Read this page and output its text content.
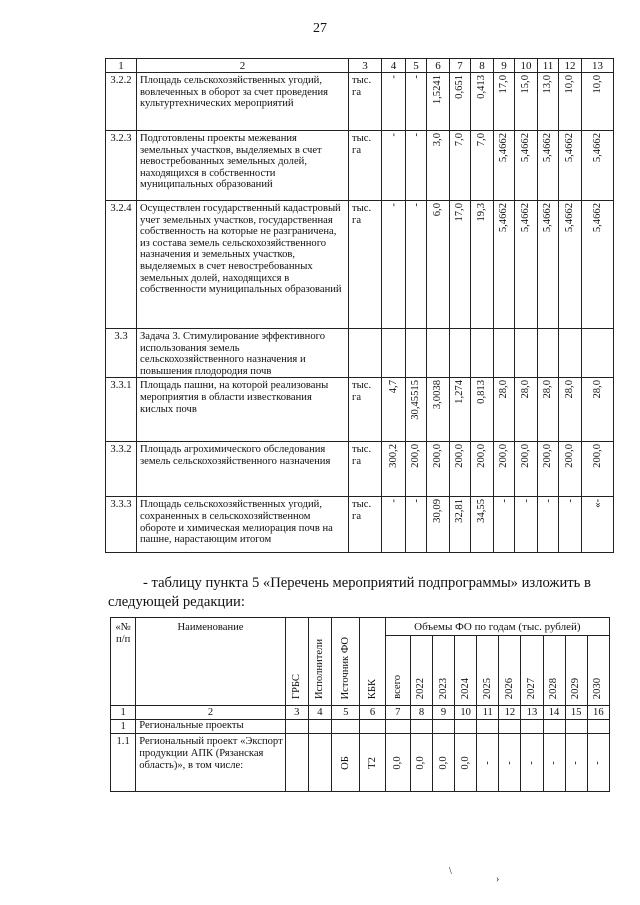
27
1	2	3	4	5	6	7	8	9	10	11	12	13
3.2.2	Площадь сельскохозяйственных угодий, вовлеченных в оборот за счет проведения культуртехнических мероприятий	тыс. га	-	-	1,5241	0,651	0,413	17,0	15,0	13,0	10,0	10,0

3.2.3	Подготовлены проекты межевания земельных участков, выделяемых в счет невостребованных земельных долей, находящихся в собственности муниципальных образований	тыс. га	-	-	3,0	7,0	7,0	5,4662	5,4662	5,4662	5,4662	5,4662

3.2.4	Осуществлен государственный кадастровый учет земельных участков, государственная собственность на которые не разграничена, из состава земель сельскохозяйственного назначения и земельных участков, выделяемых в счет невостребованных земельных долей, находящихся в собственности муниципальных образований	тыс. га	-	-	6,0	17,0	19,3	5,4662	5,4662	5,4662	5,4662	5,4662

3.3	Задача 3. Стимулирование эффективного использования земель сельскохозяйственного назначения и повышения плодородия почв		

3.3.1	Площадь пашни, на которой реализованы мероприятия в области известкования кислых почв	тыс. га	4,7	30,45515	3,0038	1,274	0,813	28,0	28,0	28,0	28,0	28,0

3.3.2	Площадь агрохимического обследования земель сельскохозяйственного назначения	тыс. га	300,2	200,0	200,0	200,0	200,0	200,0	200,0	200,0	200,0	200,0

3.3.3	Площадь сельскохозяйственных угодий, сохраненных в сельскохозяйственном обороте и химическая мелиорация почв на пашне, нарастающим итогом	тыс. га	-	-	30,09	32,81	34,55	-	-	-	-	-»
- таблицу пункта 5 «Перечень мероприятий подпрограммы» изложить в
следующей редакции:
«№ п/п	Наименование	ГРБС	Исполнители	Источник ФО	КБК	Объемы ФО по годам (тыс. рублей)									

						всего	2022	2023	2024	2025	2026	2027	2028	2029	2030

1	2	3	4	5	6	7	8	9	10	11	12	13	14	15	16
1	Региональные проекты														
1.1	Региональный проект «Экспорт продукции АПК (Рязанская область)», в том числе:			ОБ	Т2	0,0	0,0	0,0	0,0	-	-	-	-	-	-
\
›
